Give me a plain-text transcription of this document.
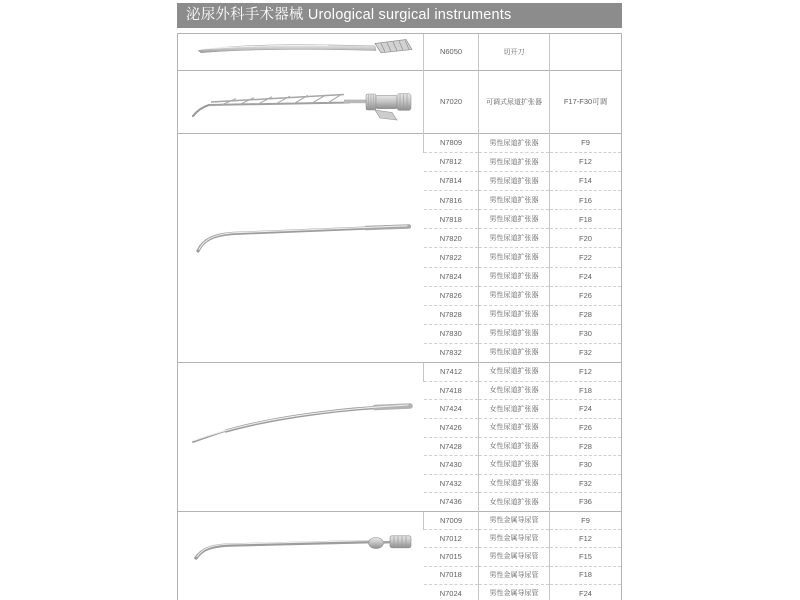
泌尿外科手术器械 Urological surgical instruments
	N6050	切开刀	

	N7020	可调式尿道扩张器	F17-F30可调

	N7809	男性尿道扩张器	F9
	N7812	男性尿道扩张器	F12
	N7814	男性尿道扩张器	F14
	N7816	男性尿道扩张器	F16
	N7818	男性尿道扩张器	F18
	N7820	男性尿道扩张器	F20
	N7822	男性尿道扩张器	F22
	N7824	男性尿道扩张器	F24
	N7826	男性尿道扩张器	F26
	N7828	男性尿道扩张器	F28
	N7830	男性尿道扩张器	F30
	N7832	男性尿道扩张器	F32

	N7412	女性尿道扩张器	F12
	N7418	女性尿道扩张器	F18
	N7424	女性尿道扩张器	F24
	N7426	女性尿道扩张器	F26
	N7428	女性尿道扩张器	F28
	N7430	女性尿道扩张器	F30
	N7432	女性尿道扩张器	F32
	N7436	女性尿道扩张器	F36

	N7009	男性金属导尿管	F9
	N7012	男性金属导尿管	F12
	N7015	男性金属导尿管	F15
	N7018	男性金属导尿管	F18
	N7024	男性金属导尿管	F24
